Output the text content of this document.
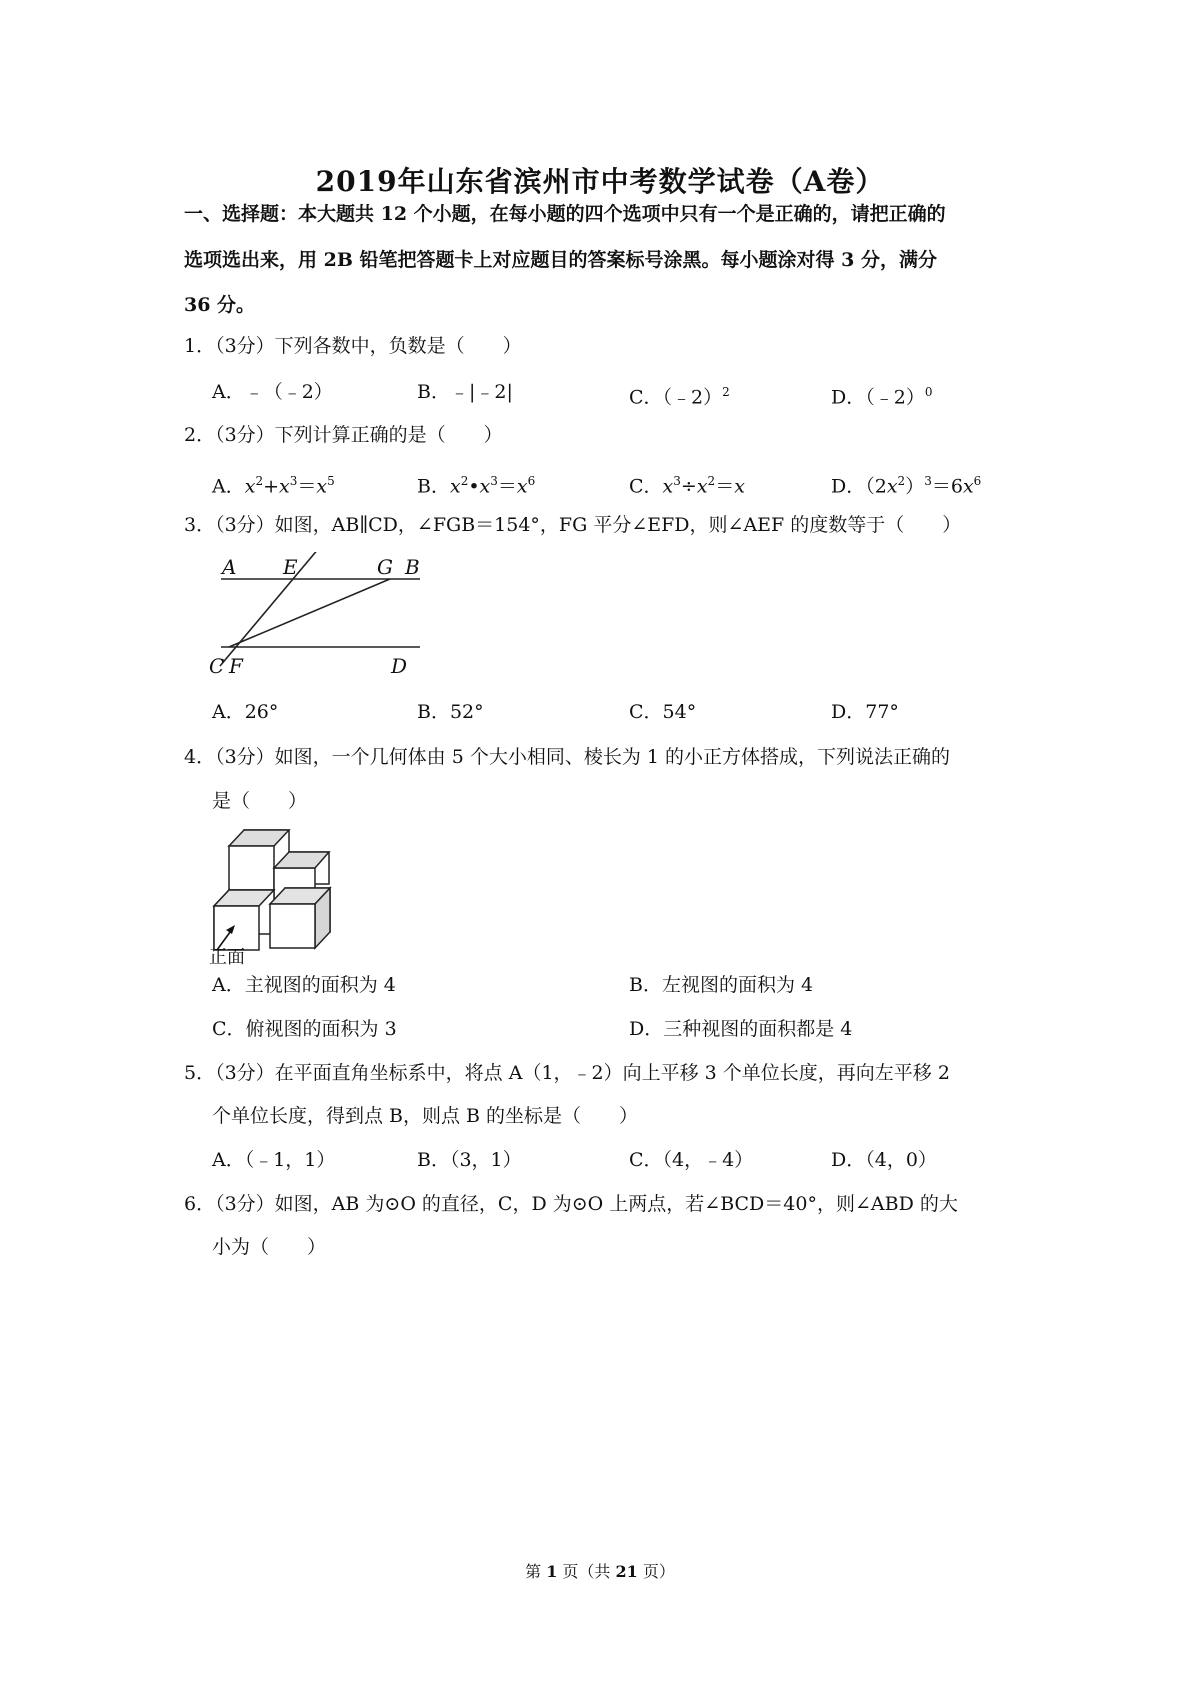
2019年山东省滨州市中考数学试卷（A卷）
一、选择题：本大题共 12 个小题，在每小题的四个选项中只有一个是正确的，请把正确的
选项选出来，用 2B 铅笔把答题卡上对应题目的答案标号涂黑。每小题涂对得 3 分，满分
36 分。
1．（3分）下列各数中，负数是（　　）
A．﹣（﹣2）	B．﹣|﹣2|	C．（﹣2）$^2$	D．（﹣2）$^0$
2．（3分）下列计算正确的是（　　）
A．$x^2+x^3=x^5$	B．$x^2•x^3=x^6$	C．$x^3\div x^2=x$	D．$(2x^2)^3=6x^6$
3．（3分）如图，AB∥CD，∠FGB＝154°，FG 平分∠EFD，则∠AEF 的度数等于（　　）
A E	G B
C F	D
A．26°	B．52°	C．54°	D．77°
4．（3分）如图，一个几何体由 5 个大小相同、棱长为 1 的小正方体搭成，下列说法正确的
是（　　）
正面
A．主视图的面积为 4	B．左视图的面积为 4
C．俯视图的面积为 3	D．三种视图的面积都是 4
5．（3分）在平面直角坐标系中，将点 A（1，﹣2）向上平移 3 个单位长度，再向左平移 2
个单位长度，得到点 B，则点 B 的坐标是（　　）
A．（﹣1，1）	B．（3，1）	C．（4，﹣4）	D．（4，0）
6．（3分）如图，AB 为⊙O 的直径，C，D 为⊙O 上两点，若∠BCD＝40°，则∠ABD 的大
小为（　　）
第 1 页（共 21 页）
